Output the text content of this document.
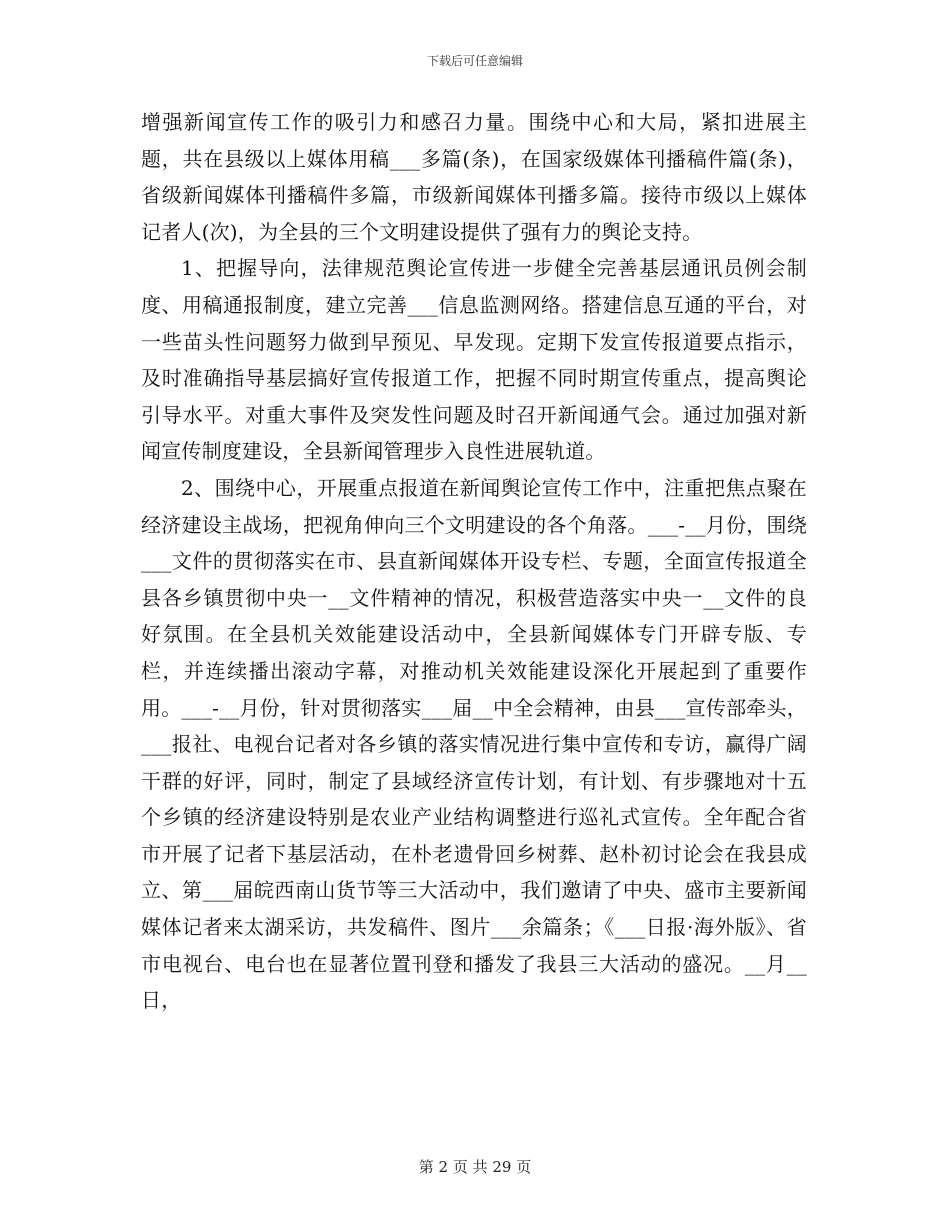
下载后可任意编辑

增强新闻宣传工作的吸引力和感召力量。围绕中心和大局，紧扣进展主题，共在县级以上媒体用稿___多篇(条)，在国家级媒体刊播稿件篇(条)，省级新闻媒体刊播稿件多篇，市级新闻媒体刊播多篇。接待市级以上媒体记者人(次)，为全县的三个文明建设提供了强有力的舆论支持。

1、把握导向，法律规范舆论宣传进一步健全完善基层通讯员例会制度、用稿通报制度，建立完善___信息监测网络。搭建信息互通的平台，对一些苗头性问题努力做到早预见、早发现。定期下发宣传报道要点指示，及时准确指导基层搞好宣传报道工作，把握不同时期宣传重点，提高舆论引导水平。对重大事件及突发性问题及时召开新闻通气会。通过加强对新闻宣传制度建设，全县新闻管理步入良性进展轨道。

2、围绕中心，开展重点报道在新闻舆论宣传工作中，注重把焦点聚在经济建设主战场，把视角伸向三个文明建设的各个角落。___-__月份，围绕___文件的贯彻落实在市、县直新闻媒体开设专栏、专题，全面宣传报道全县各乡镇贯彻中央一__文件精神的情况，积极营造落实中央一__文件的良好氛围。在全县机关效能建设活动中，全县新闻媒体专门开辟专版、专栏，并连续播出滚动字幕，对推动机关效能建设深化开展起到了重要作用。___-__月份，针对贯彻落实___届__中全会精神，由县___宣传部牵头，___报社、电视台记者对各乡镇的落实情况进行集中宣传和专访，赢得广阔干群的好评，同时，制定了县域经济宣传计划，有计划、有步骤地对十五个乡镇的经济建设特别是农业产业结构调整进行巡礼式宣传。全年配合省市开展了记者下基层活动，在朴老遗骨回乡树葬、赵朴初讨论会在我县成立、第___届皖西南山货节等三大活动中，我们邀请了中央、盛市主要新闻媒体记者来太湖采访，共发稿件、图片___余篇条；《___日报·海外版》、省市电视台、电台也在显著位置刊登和播发了我县三大活动的盛况。__月__日，

第 2 页 共 29 页
